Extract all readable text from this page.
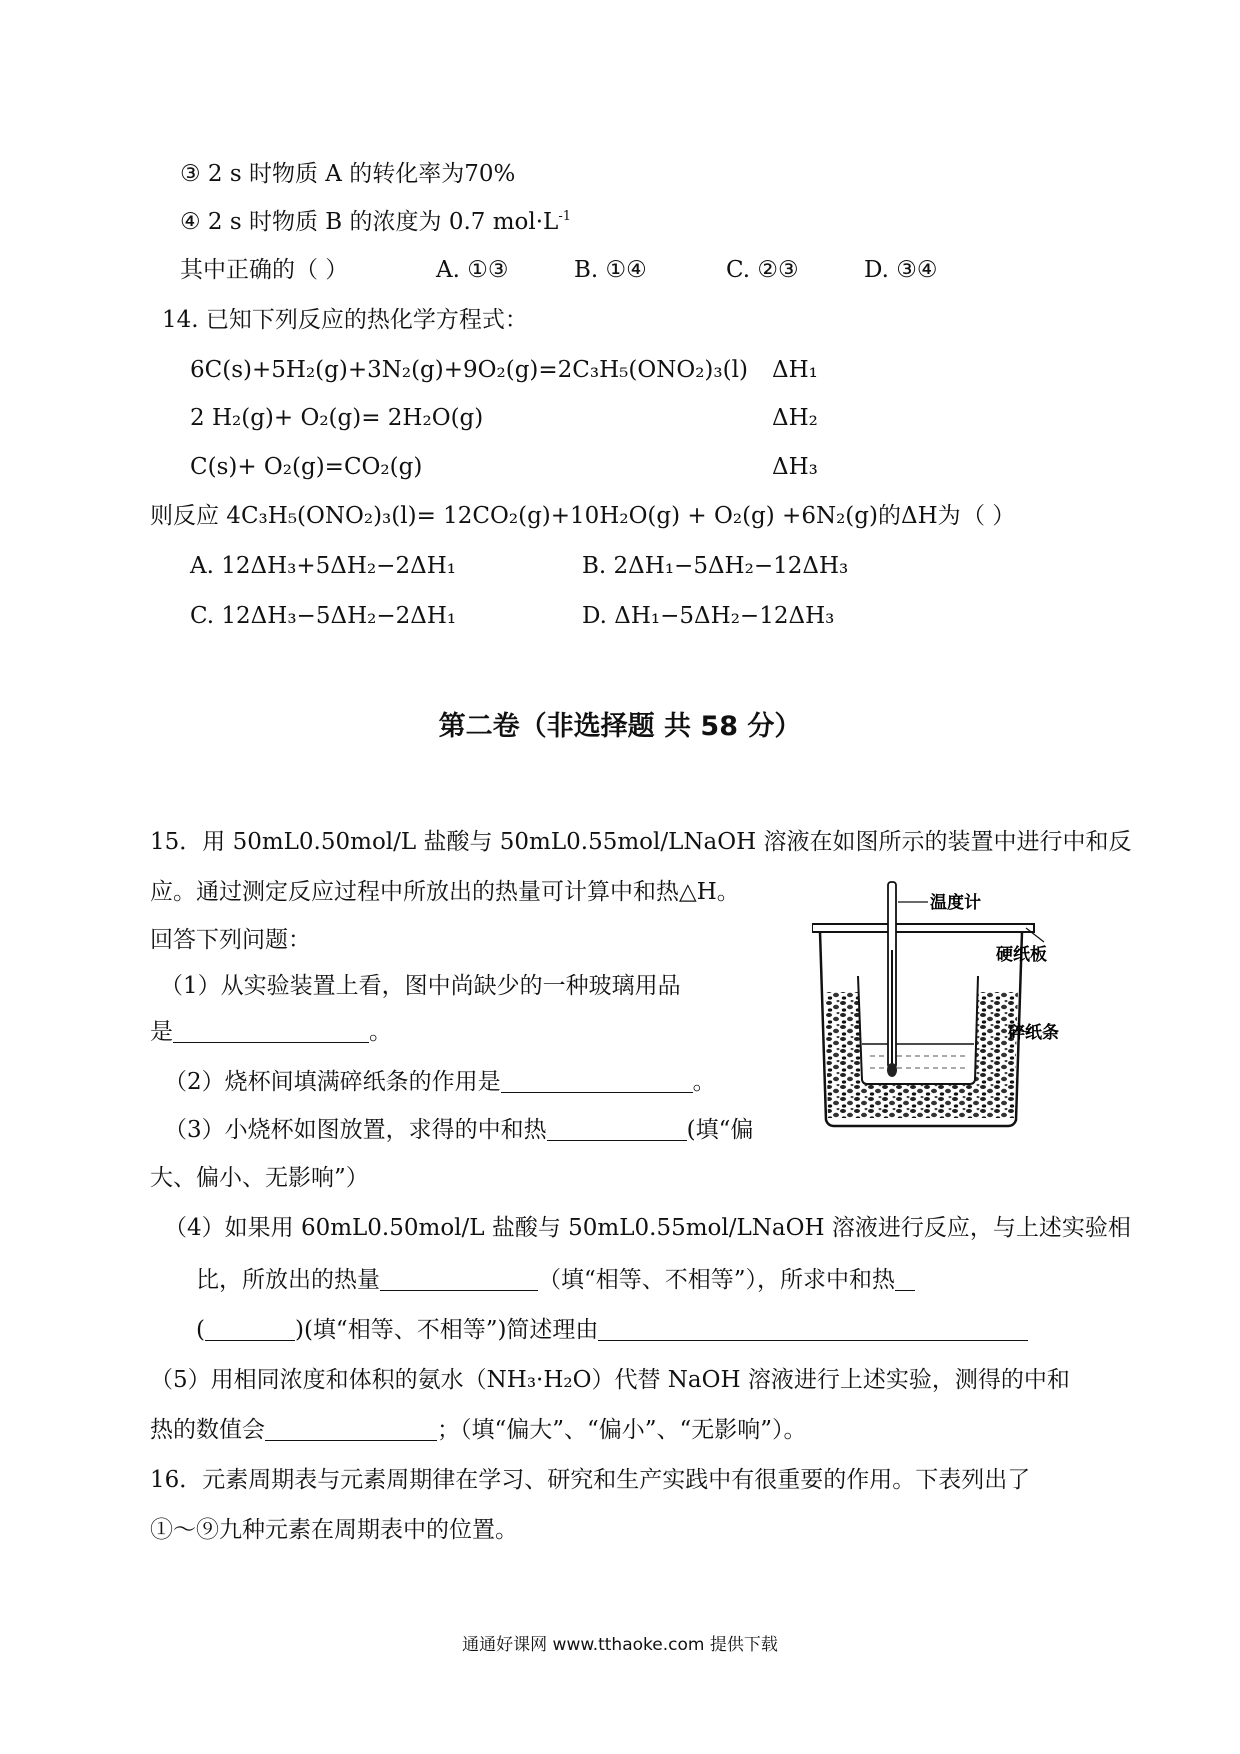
③ 2 s 时物质 A 的转化率为70%
④ 2 s 时物质 B 的浓度为 0.7 $mol\cdot L^{-1}$
其中正确的（ ）	A. ①③	B. ①④	C. ②③	D. ③④
14. 已知下列反应的热化学方程式：
6C(s)+5H₂(g)+3N₂(g)+9O₂(g)=2C₃H₅(ONO₂)₃(l) ΔH₁
2 H₂(g)+ O₂(g)= 2H₂O(g)	ΔH₂
C(s)+ O₂(g)=CO₂(g)	ΔH₃
则反应 4C₃H₅(ONO₂)₃(l)= 12CO₂(g)+10H₂O(g) + O₂(g) +6N₂(g)的ΔH为 （ ）
A. 12ΔH₃+5ΔH₂−2ΔH₁	B. 2ΔH₁−5ΔH₂−12ΔH₃
C. 12ΔH₃−5ΔH₂−2ΔH₁	D. ΔH₁−5ΔH₂−12ΔH₃
第二卷（非选择题 共 58 分）
15．用 50mL0.50mol/L 盐酸与 50mL0.55mol/LNaOH 溶液在如图所示的装置中进行中和反
应。通过测定反应过程中所放出的热量可计算中和热△H。
回答下列问题：
（1）从实验装置上看，图中尚缺少的一种玻璃用品
是	。
（2）烧杯间填满碎纸条的作用是	。
（3）小烧杯如图放置，求得的中和热	(填“偏
大、偏小、无影响”）
（4）如果用 60mL0.50mol/L 盐酸与 50mL0.55mol/LNaOH 溶液进行反应，与上述实验相
比，所放出的热量	（填“相等、不相等”），所求中和热
(	)(填“相等、不相等”)简述理由
（5）用相同浓度和体积的氨水（NH₃·H₂O）代替 NaOH 溶液进行上述实验，测得的中和
热的数值会	；（填“偏大”、“偏小”、“无影响”）。
温度计
硬纸板
碎纸条
16．元素周期表与元素周期律在学习、研究和生产实践中有很重要的作用。下表列出了
①～⑨九种元素在周期表中的位置。
通通好课网 www.tthaoke.com 提供下载
